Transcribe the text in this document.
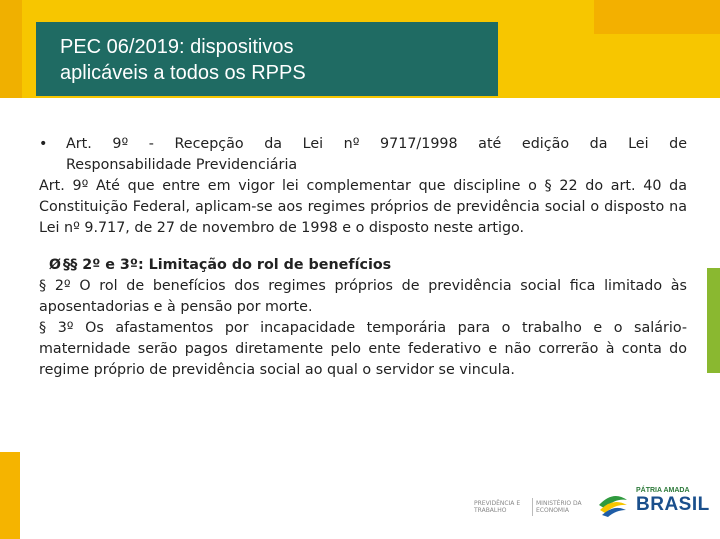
PEC 06/2019: dispositivos
aplicáveis a todos os RPPS
• Art. 9º - Recepção da Lei nº 9717/1998 até edição da Lei de
Responsabilidade Previdenciária

Art. 9º Até que entre em vigor lei complementar que discipline o § 22 do art. 40 da Constituição Federal, aplicam-se aos regimes próprios de previdência social o disposto na Lei nº 9.717, de 27 de novembro de 1998 e o disposto neste artigo.

Ø §§ 2º e 3º: Limitação do rol de benefícios

§ 2º O rol de benefícios dos regimes próprios de previdência social fica limitado às aposentadorias e à pensão por morte.

§ 3º Os afastamentos por incapacidade temporária para o trabalho e o salário-maternidade serão pagos diretamente pelo ente federativo e não correrão à conta do regime próprio de previdência social ao qual o servidor se vincula.

PREVIDÊNCIA E TRABALHO
MINISTÉRIO DA ECONOMIA
PÁTRIA AMADA
BRASIL
